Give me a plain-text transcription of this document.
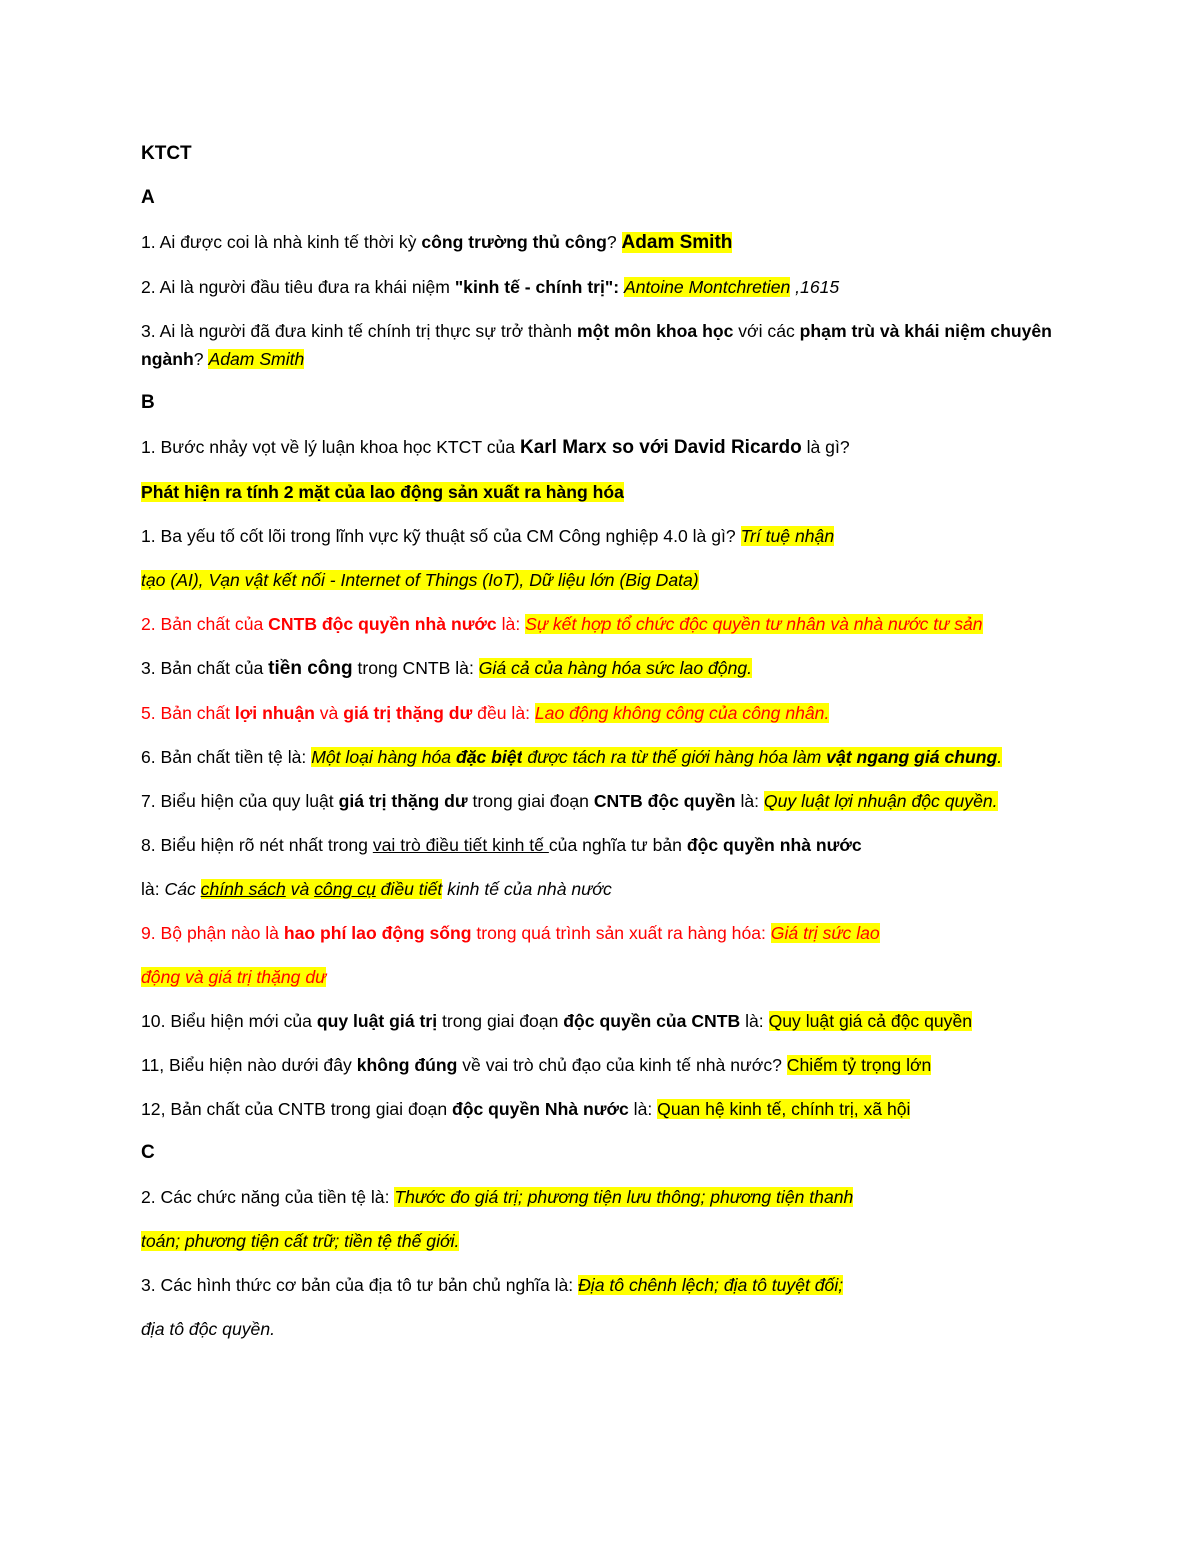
KTCT

A

1. Ai được coi là nhà kinh tế thời kỳ công trường thủ công? Adam Smith

2. Ai là người đầu tiêu đưa ra khái niệm "kinh tế - chính trị": Antoine Montchretien ,1615

3. Ai là người đã đưa kinh tế chính trị thực sự trở thành một môn khoa học với các phạm trù và khái niệm chuyên ngành? Adam Smith

B

1. Bước nhảy vọt về lý luận khoa học KTCT của Karl Marx so với David Ricardo là gì?

Phát hiện ra tính 2 mặt của lao động sản xuất ra hàng hóa

1. Ba yếu tố cốt lõi trong lĩnh vực kỹ thuật số của CM Công nghiệp 4.0 là gì? Trí tuệ nhận

tạo (AI), Vạn vật kết nối - Internet of Things (IoT), Dữ liệu lớn (Big Data)

2. Bản chất của CNTB độc quyền nhà nước là: Sự kết hợp tổ chức độc quyền tư nhân và nhà nước tư sản

3. Bản chất của tiền công trong CNTB là: Giá cả của hàng hóa sức lao động.

5. Bản chất lợi nhuận và giá trị thặng dư đều là: Lao động không công của công nhân.

6. Bản chất tiền tệ là: Một loại hàng hóa đặc biệt được tách ra từ thế giới hàng hóa làm vật ngang giá chung.

7. Biểu hiện của quy luật giá trị thặng dư trong giai đoạn CNTB độc quyền là: Quy luật lợi nhuận độc quyền.

8. Biểu hiện rõ nét nhất trong vai trò điều tiết kinh tế của nghĩa tư bản độc quyền nhà nước

là: Các chính sách và công cụ điều tiết kinh tế của nhà nước

9. Bộ phận nào là hao phí lao động sống trong quá trình sản xuất ra hàng hóa: Giá trị sức lao

động và giá trị thặng dư

10. Biểu hiện mới của quy luật giá trị trong giai đoạn độc quyền của CNTB là: Quy luật giá cả độc quyền

11, Biểu hiện nào dưới đây không đúng về vai trò chủ đạo của kinh tế nhà nước? Chiếm tỷ trọng lớn

12, Bản chất của CNTB trong giai đoạn độc quyền Nhà nước là: Quan hệ kinh tế, chính trị, xã hội

C

2. Các chức năng của tiền tệ là: Thước đo giá trị; phương tiện lưu thông; phương tiện thanh

toán; phương tiện cất trữ; tiền tệ thế giới.

3. Các hình thức cơ bản của địa tô tư bản chủ nghĩa là: Địa tô chênh lệch; địa tô tuyệt đối;

địa tô độc quyền.
